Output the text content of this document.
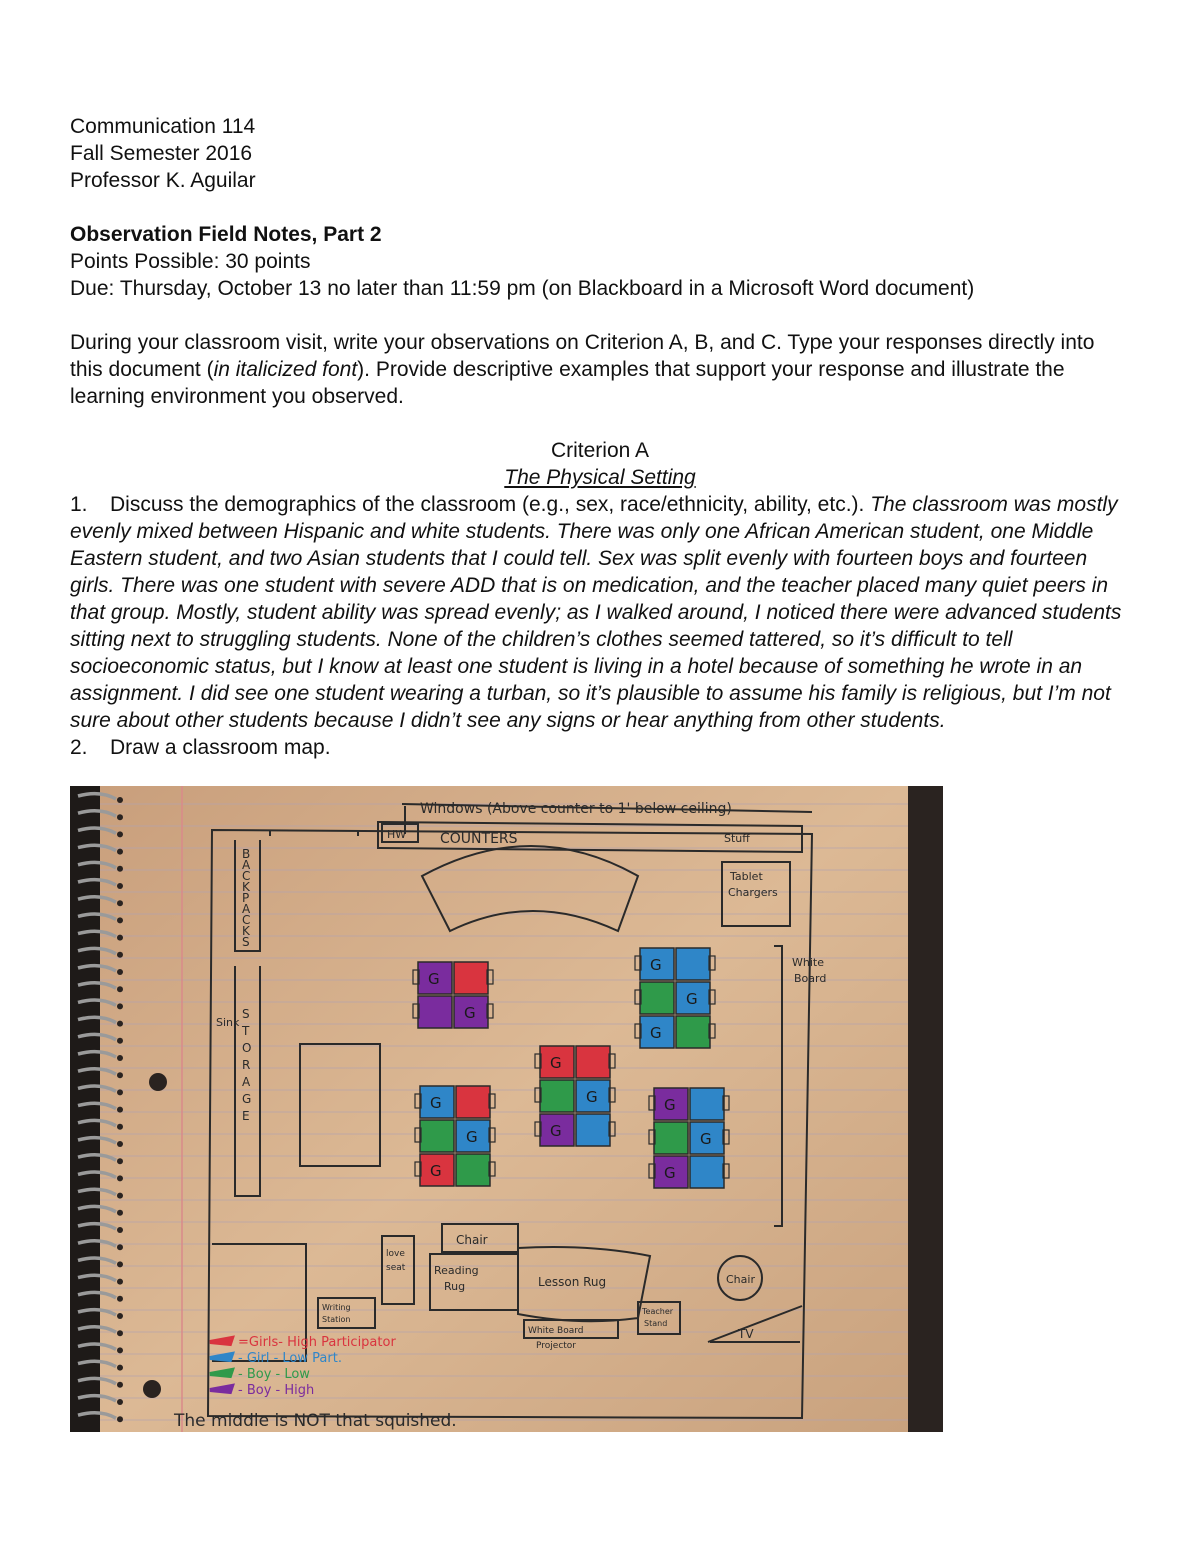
Communication 114
Fall Semester 2016
Professor K. Aguilar
Observation Field Notes, Part 2
Points Possible: 30 points
Due: Thursday, October 13 no later than 11:59 pm (on Blackboard in a Microsoft Word document)
During your classroom visit, write your observations on Criterion A, B, and C. Type your responses directly into this document (in italicized font). Provide descriptive examples that support your response and illustrate the learning environment you observed.
Criterion A
The Physical Setting
1. Discuss the demographics of the classroom (e.g., sex, race/ethnicity, ability, etc.). The classroom was mostly evenly mixed between Hispanic and white students. There was only one African American student, one Middle Eastern student, and two Asian students that I could tell. Sex was split evenly with fourteen boys and fourteen girls. There was one student with severe ADD that is on medication, and the teacher placed many quiet peers in that group. Mostly, student ability was spread evenly; as I walked around, I noticed there were advanced students sitting next to struggling students. None of the children’s clothes seemed tattered, so it’s difficult to tell socioeconomic status, but I know at least one student is living in a hotel because of something he wrote in an assignment. I did see one student wearing a turban, so it’s plausible to assume his family is religious, but I’m not sure about other students because I didn’t see any signs or hear anything from other students.
2. Draw a classroom map.
G
G
G
G
G
G
G
G
G
G
G
G
G
G
Windows (Above counter to 1' below ceiling)
HW COUNTERS	Stuff
Tablet
Chargers
White
Board
Sink
Writing
Station
love
seat
Chair
Reading
Rug	Lesson Rug
Teacher
Stand
White Board
Projector
Chair
TV
B
A
C
K
P
A
C
K
S
S
T
O
R
A
G
E
=Girls- High Participator
- Girl - Low Part.
- Boy - Low
- Boy - High
The middle is NOT that squished.
